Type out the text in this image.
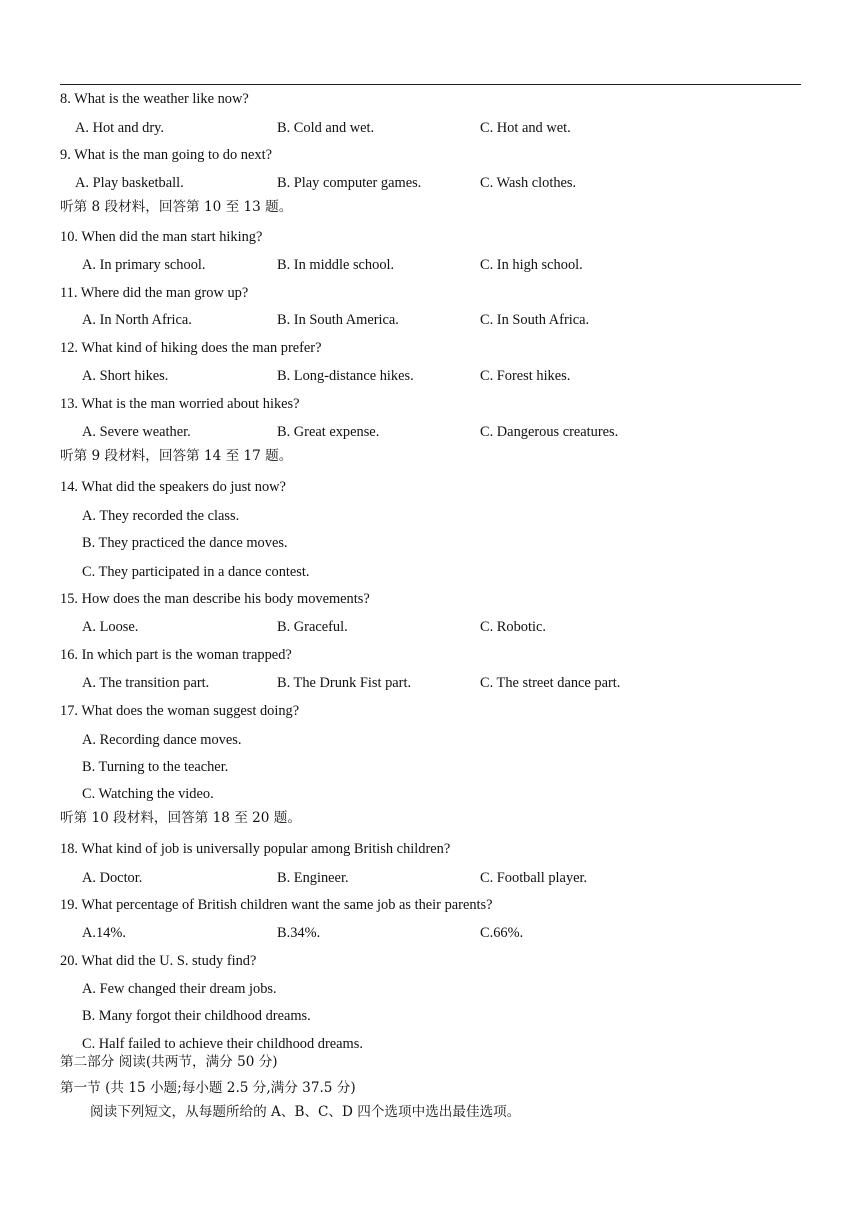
8. What is the weather like now?
A. Hot and dry.	B. Cold and wet.	C. Hot and wet.
9. What is the man going to do next?
A. Play basketball.	B. Play computer games.	C. Wash clothes.
听第 8 段材料，回答第 10 至 13 题。
10. When did the man start hiking?
A. In primary school.	B. In middle school.	C. In high school.
11. Where did the man grow up?
A. In North Africa.	B. In South America.	C. In South Africa.
12. What kind of hiking does the man prefer?
A. Short hikes.	B. Long-distance hikes.	C. Forest hikes.
13. What is the man worried about hikes?
A. Severe weather.	B. Great expense.	C. Dangerous creatures.
听第 9 段材料，回答第 14 至 17 题。
14. What did the speakers do just now?
A. They recorded the class.
B. They practiced the dance moves.
C. They participated in a dance contest.
15. How does the man describe his body movements?
A. Loose.	B. Graceful.	C. Robotic.
16. In which part is the woman trapped?
A. The transition part.	B. The Drunk Fist part.	C. The street dance part.
17. What does the woman suggest doing?
A. Recording dance moves.
B. Turning to the teacher.
C. Watching the video.
听第 10 段材料，回答第 18 至 20 题。
18. What kind of job is universally popular among British children?
A. Doctor.	B. Engineer.	C. Football player.
19. What percentage of British children want the same job as their parents?
A.14%.	B.34%.	C.66%.
20. What did the U. S. study find?
A. Few changed their dream jobs.
B. Many forgot their childhood dreams.
C. Half failed to achieve their childhood dreams.
第二部分 阅读(共两节，满分 50 分)
第一节 (共 15 小题;每小题 2.5 分,满分 37.5 分)
阅读下列短文，从每题所给的 A、B、C、D 四个选项中选出最佳选项。
